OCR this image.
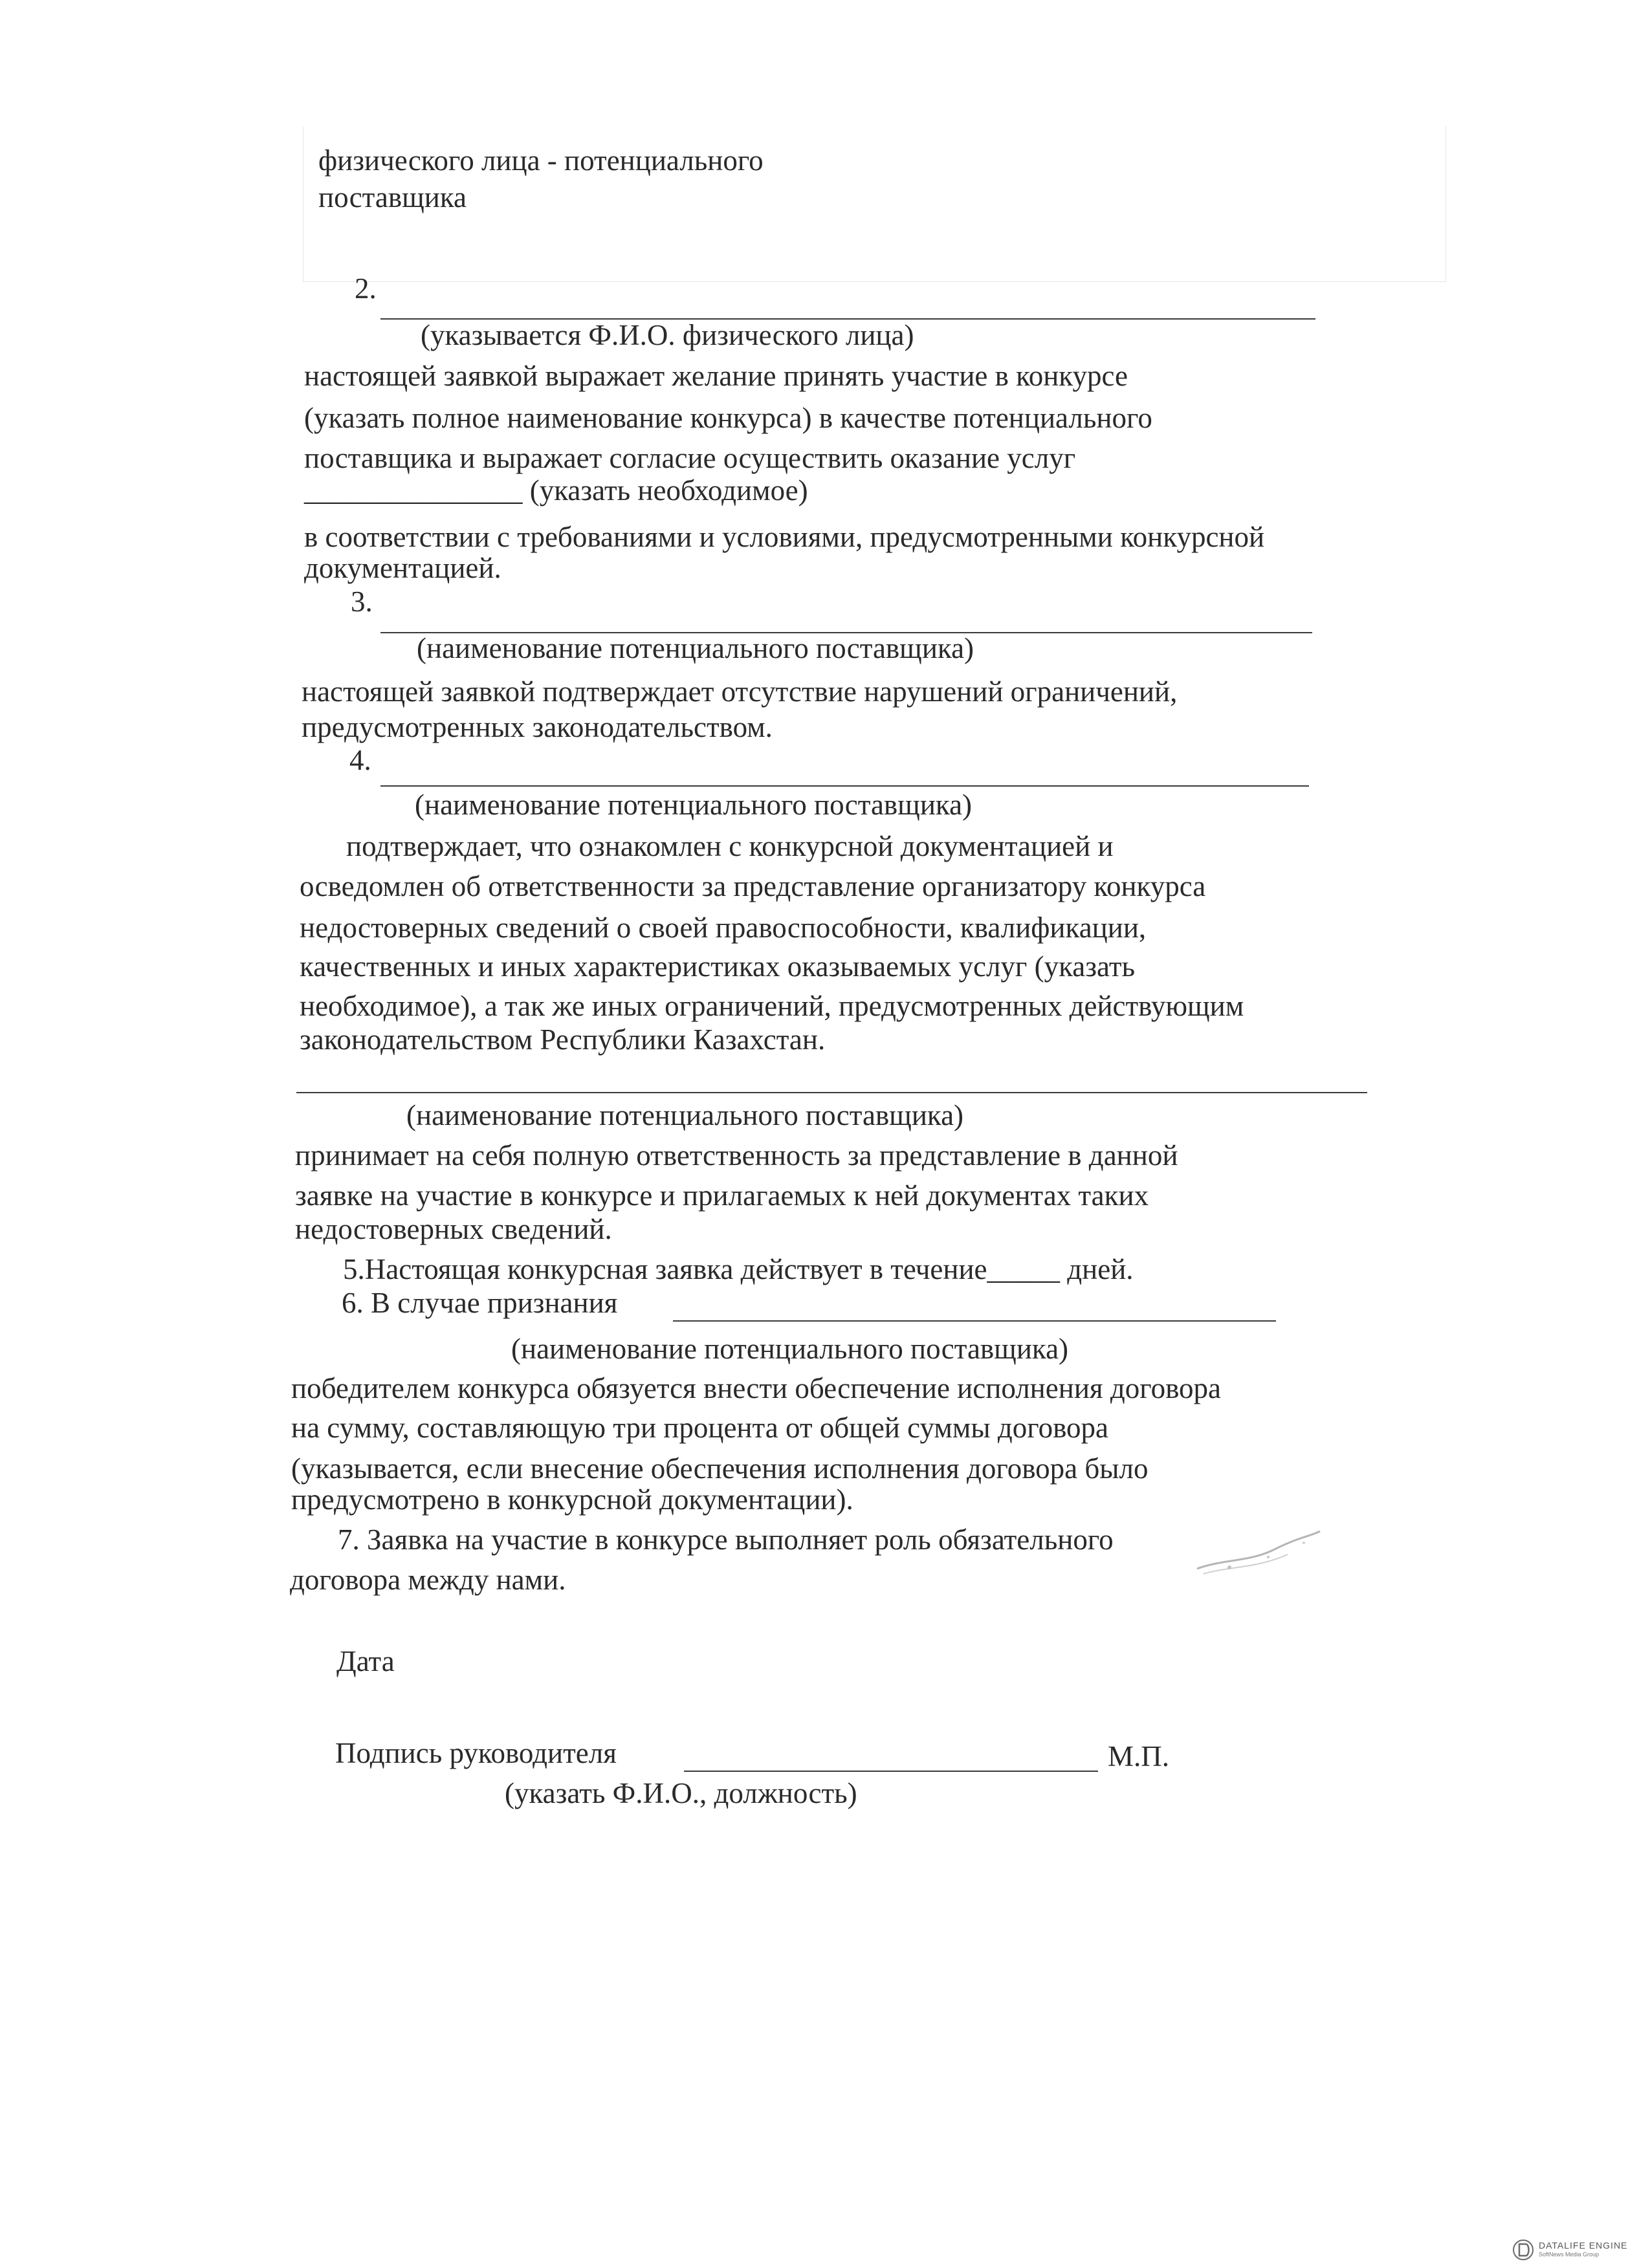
физического лица - потенциального
поставщика
2.
(указывается Ф.И.О. физического лица)
настоящей заявкой выражает желание принять участие в конкурсе
(указать полное наименование конкурса) в качестве потенциального
поставщика и выражает согласие осуществить оказание услуг
_______________ (указать необходимое)
в соответствии с требованиями и условиями, предусмотренными конкурсной
документацией.
3.
(наименование потенциального поставщика)
настоящей заявкой подтверждает отсутствие нарушений ограничений,
предусмотренных законодательством.
4.
(наименование потенциального поставщика)
подтверждает, что ознакомлен с конкурсной документацией и
осведомлен об ответственности за представление организатору конкурса
недостоверных сведений о своей правоспособности, квалификации,
качественных и иных характеристиках оказываемых услуг (указать
необходимое), а так же иных ограничений, предусмотренных действующим
законодательством Республики Казахстан.
(наименование потенциального поставщика)
принимает на себя полную ответственность за представление в данной
заявке на участие в конкурсе и прилагаемых к ней документах таких
недостоверных сведений.
5.Настоящая конкурсная заявка действует в течение_____ дней.
6. В случае признания
(наименование потенциального поставщика)
победителем конкурса обязуется внести обеспечение исполнения договора
на сумму, составляющую три процента от общей суммы договора
(указывается, если внесение обеспечения исполнения договора было
предусмотрено в конкурсной документации).
7. Заявка на участие в конкурсе выполняет роль обязательного
договора между нами.
Дата
Подпись руководителя	М.П.
(указать Ф.И.О., должность)
DATALIFE ENGINE
SoftNews Media Group
